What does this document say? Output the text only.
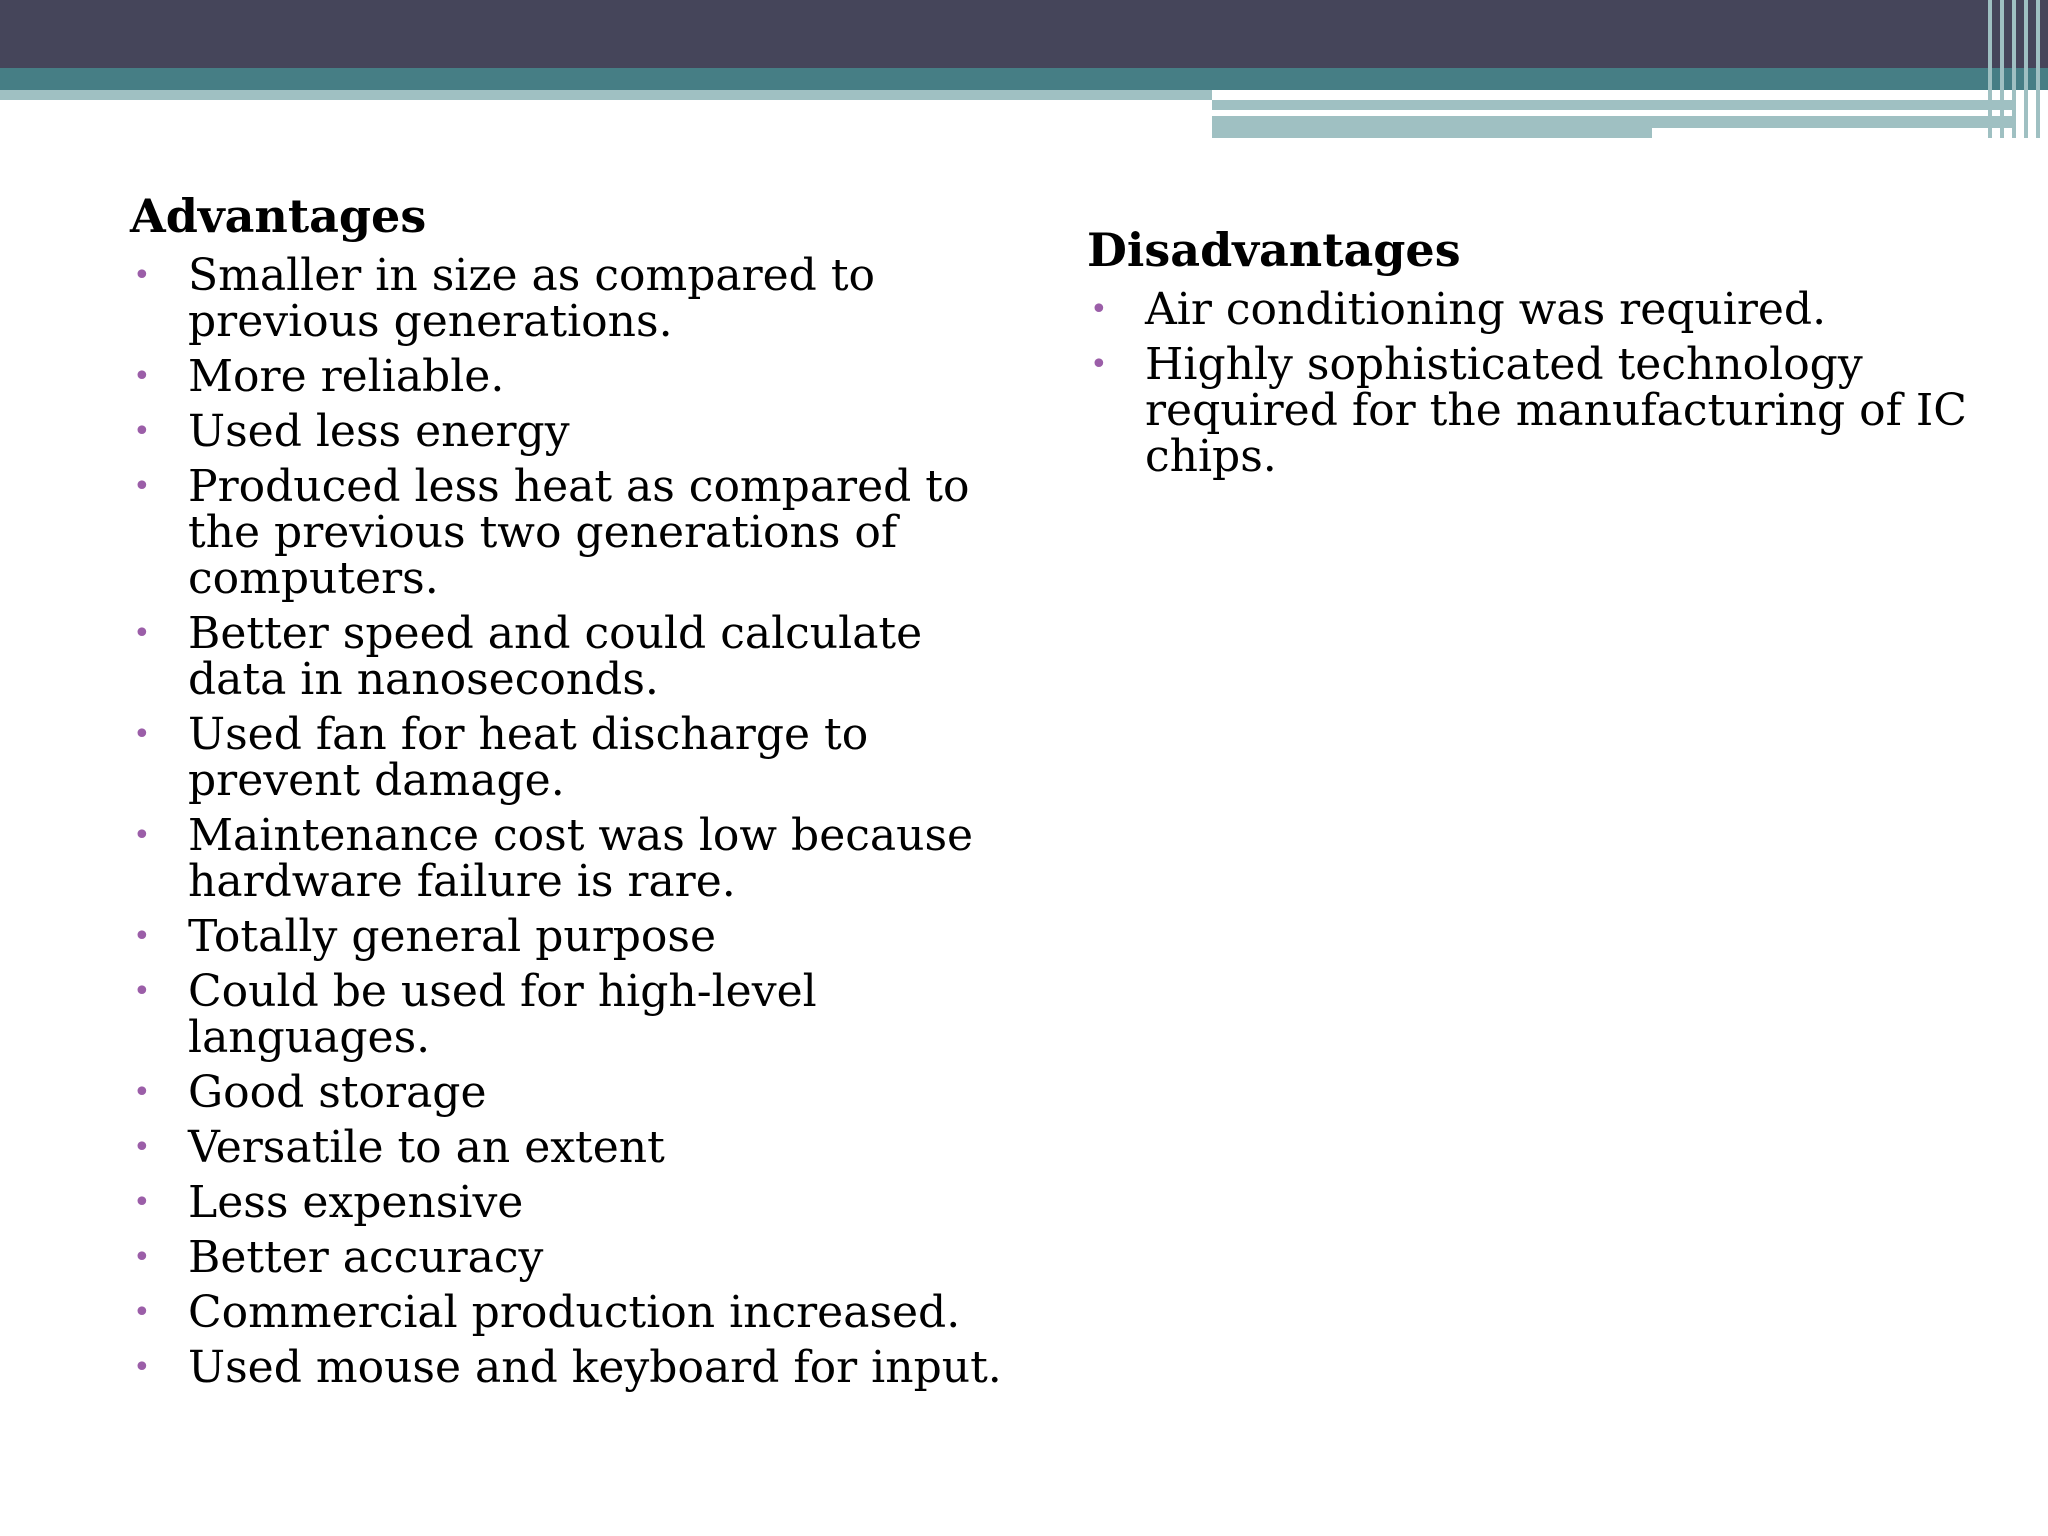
Advantages
• Smaller in size as compared to previous generations.
• More reliable.
• Used less energy
• Produced less heat as compared to the previous two generations of computers.
• Better speed and could calculate data in nanoseconds.
• Used fan for heat discharge to prevent damage.
• Maintenance cost was low because hardware failure is rare.
• Totally general purpose
• Could be used for high-level languages.
• Good storage
• Versatile to an extent
• Less expensive
• Better accuracy
• Commercial production increased.
• Used mouse and keyboard for input.
Disadvantages
• Air conditioning was required.
• Highly sophisticated technology required for the manufacturing of IC chips.
